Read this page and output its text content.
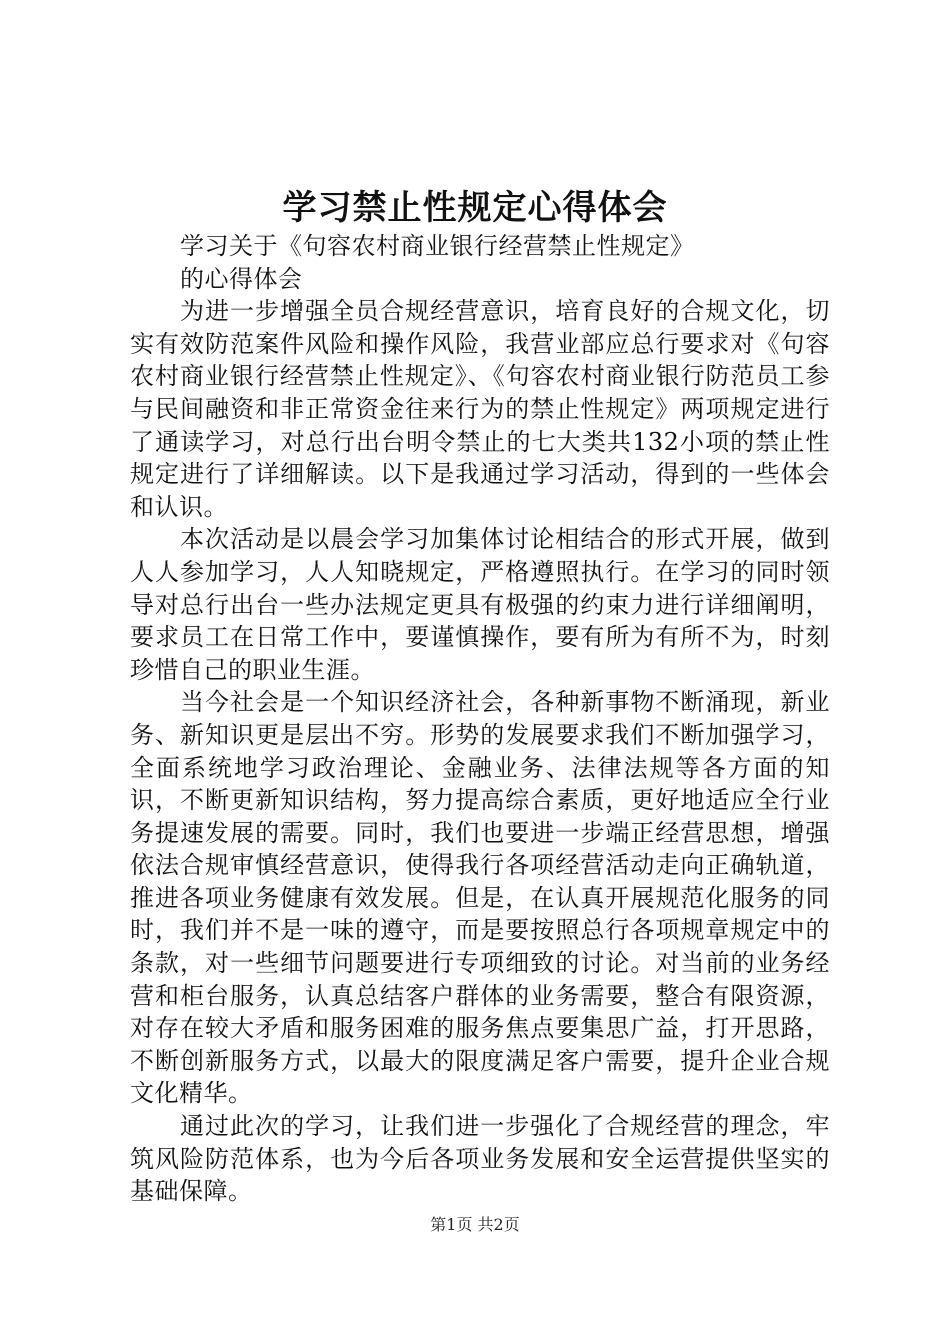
学习禁止性规定心得体会

学习关于《句容农村商业银行经营禁止性规定》

的心得体会

为进一步增强全员合规经营意识，培育良好的合规文化，切实有效防范案件风险和操作风险，我营业部应总行要求对《句容农村商业银行经营禁止性规定》、《句容农村商业银行防范员工参与民间融资和非正常资金往来行为的禁止性规定》两项规定进行了通读学习，对总行出台明令禁止的七大类共132小项的禁止性规定进行了详细解读。以下是我通过学习活动，得到的一些体会和认识。

本次活动是以晨会学习加集体讨论相结合的形式开展，做到人人参加学习，人人知晓规定，严格遵照执行。在学习的同时领导对总行出台一些办法规定更具有极强的约束力进行详细阐明，要求员工在日常工作中，要谨慎操作，要有所为有所不为，时刻珍惜自己的职业生涯。

当今社会是一个知识经济社会，各种新事物不断涌现，新业务、新知识更是层出不穷。形势的发展要求我们不断加强学习，全面系统地学习政治理论、金融业务、法律法规等各方面的知识，不断更新知识结构，努力提高综合素质，更好地适应全行业务提速发展的需要。同时，我们也要进一步端正经营思想，增强依法合规审慎经营意识，使得我行各项经营活动走向正确轨道，推进各项业务健康有效发展。但是，在认真开展规范化服务的同时，我们并不是一味的遵守，而是要按照总行各项规章规定中的条款，对一些细节问题要进行专项细致的讨论。对当前的业务经营和柜台服务，认真总结客户群体的业务需要，整合有限资源，对存在较大矛盾和服务困难的服务焦点要集思广益，打开思路，不断创新服务方式，以最大的限度满足客户需要，提升企业合规文化精华。

通过此次的学习，让我们进一步强化了合规经营的理念，牢筑风险防范体系，也为今后各项业务发展和安全运营提供坚实的基础保障。

第1页 共2页
